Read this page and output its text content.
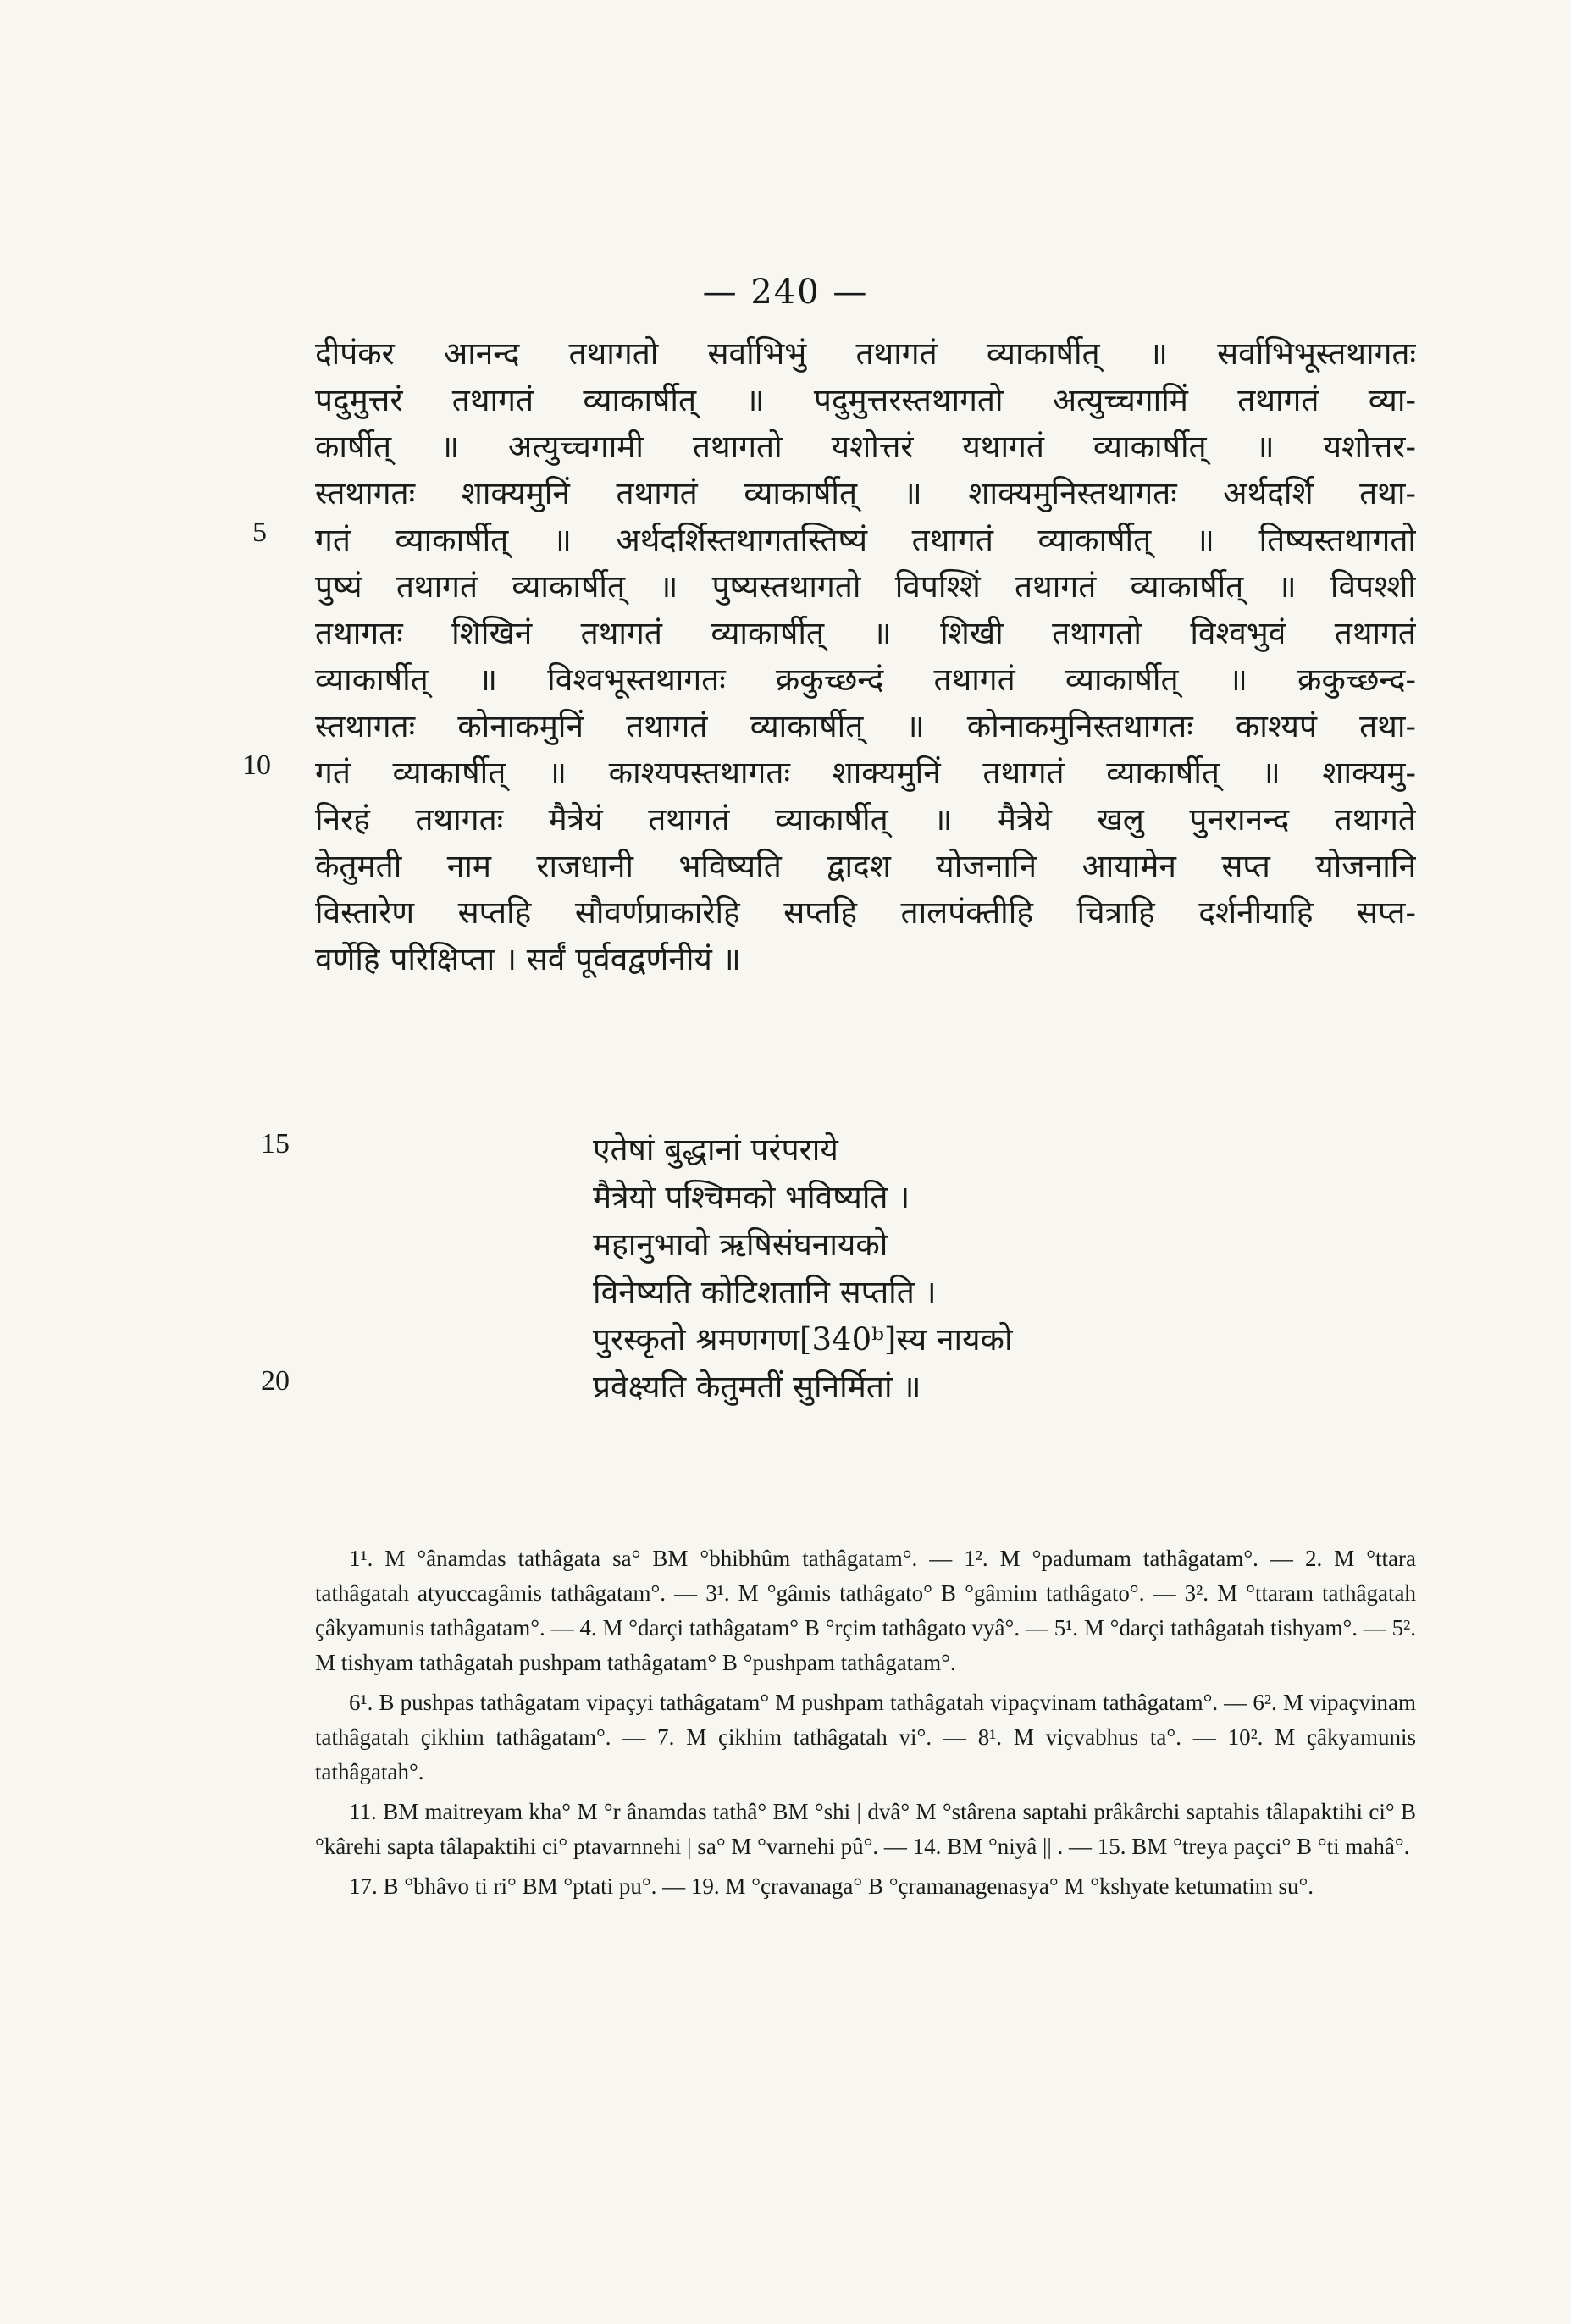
— 240 —
दीपंकर आनन्द तथागतो सर्वाभिभुं तथागतं व्याकार्षीत् ॥ सर्वाभिभूस्तथागतः
पदुमुत्तरं तथागतं व्याकार्षीत् ॥ पदुमुत्तरस्तथागतो अत्युच्चगामिं तथागतं व्या-
कार्षीत् ॥ अत्युच्चगामी तथागतो यशोत्तरं यथागतं व्याकार्षीत् ॥ यशोत्तर-
स्तथागतः शाक्यमुनिं तथागतं व्याकार्षीत् ॥ शाक्यमुनिस्तथागतः अर्थदर्शि तथा-
गतं व्याकार्षीत् ॥ अर्थदर्शिस्तथागतस्तिष्यं तथागतं व्याकार्षीत् ॥ तिष्यस्तथागतो
पुष्यं तथागतं व्याकार्षीत् ॥ पुष्यस्तथागतो विपश्शिं तथागतं व्याकार्षीत् ॥ विपश्शी
तथागतः शिखिनं तथागतं व्याकार्षीत् ॥ शिखी तथागतो विश्वभुवं तथागतं
व्याकार्षीत् ॥ विश्वभूस्तथागतः क्रकुच्छन्दं तथागतं व्याकार्षीत् ॥ क्रकुच्छन्द-
स्तथागतः कोनाकमुनिं तथागतं व्याकार्षीत् ॥ कोनाकमुनिस्तथागतः काश्यपं तथा-
गतं व्याकार्षीत् ॥ काश्यपस्तथागतः शाक्यमुनिं तथागतं व्याकार्षीत् ॥ शाक्यमु-
निरहं तथागतः मैत्रेयं तथागतं व्याकार्षीत् ॥ मैत्रेये खलु पुनरानन्द तथागते
केतुमती नाम राजधानी भविष्यति द्वादश योजनानि आयामेन सप्त योजनानि
विस्तारेण सप्तहि सौवर्णप्राकारेहि सप्तहि तालपंक्तीहि चित्राहि दर्शनीयाहि सप्त-
वर्णेहि परिक्षिप्ता । सर्वं पूर्ववद्वर्णनीयं ॥
5
10
एतेषां बुद्धानां परंपराये
मैत्रेयो पश्चिमको भविष्यति ।
महानुभावो ऋषिसंघनायको
विनेष्यति कोटिशतानि सप्तति ।
पुरस्कृतो श्रमणगण[340ᵇ]स्य नायको
प्रवेक्ष्यति केतुमतीं सुनिर्मितां ॥
15
20

1¹. M °ânamdas tathâgata sa° BM °bhibhûm tathâgatam°. — 1². M °padumam tathâgatam°. — 2. M °ttara tathâgatah atyuccagâmis tathâgatam°. — 3¹. M °gâmis tathâgato° B °gâmim tathâgato°. — 3². M °ttaram tathâgatah çâkyamunis tathâgatam°. — 4. M °darçi tathâgatam° B °rçim tathâgato vyâ°. — 5¹. M °darçi tathâgatah tishyam°. — 5². M tishyam tathâgatah pushpam tathâgatam° B °pushpam tathâgatam°.

6¹. B pushpas tathâgatam vipaçyi tathâgatam° M pushpam tathâgatah vipaçvinam tathâgatam°. — 6². M vipaçvinam tathâgatah çikhim tathâgatam°. — 7. M çikhim tathâgatah vi°. — 8¹. M viçvabhus ta°. — 10². M çâkyamunis tathâgatah°.

11. BM maitreyam kha° M °r ânamdas tathâ° BM °shi | dvâ° M °stârena saptahi prâkârchi saptahis tâlapaktihi ci° B °kârehi sapta tâlapaktihi ci° ptavarnnehi | sa° M °varnehi pû°. — 14. BM °niyâ || . — 15. BM °treya paçci° B °ti mahâ°.

17. B °bhâvo ti ri° BM °ptati pu°. — 19. M °çravanaga° B °çramanagenasya° M °kshyate ketumatim su°.
